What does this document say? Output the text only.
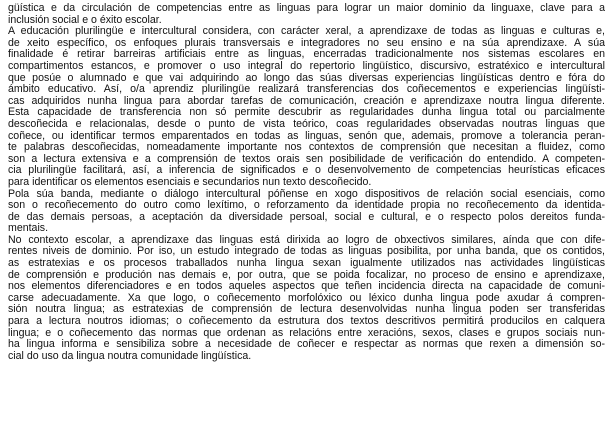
güística e da circulación de competencias entre as linguas para lograr un maior dominio da linguaxe, clave para a
inclusión social e o éxito escolar.
A educación plurilingüe e intercultural considera, con carácter xeral, a aprendizaxe de todas as linguas e culturas e,
de xeito específico, os enfoques plurais transversais e integradores no seu ensino e na súa aprendizaxe. A súa
finalidade é retirar barreiras artificiais entre as linguas, encerradas tradicionalmente nos sistemas escolares en
compartimentos estancos, e promover o uso integral do repertorio lingüístico, discursivo, estratéxico e intercultural
que posúe o alumnado e que vai adquirindo ao longo das súas diversas experiencias lingüísticas dentro e fóra do
ámbito educativo. Así, o/a aprendiz plurilingüe realizará transferencias dos coñecementos e experiencias lingüísti-
cas adquiridos nunha lingua para abordar tarefas de comunicación, creación e aprendizaxe noutra lingua diferente.
Esta capacidade de transferencia non só permite descubrir as regularidades dunha lingua total ou parcialmente
descoñecida e relacionalas, desde o punto de vista teórico, coas regularidades observadas noutras linguas que
coñece, ou identificar termos emparentados en todas as linguas, senón que, ademais, promove a tolerancia peran-
te palabras descoñecidas, nomeadamente importante nos contextos de comprensión que necesitan a fluidez, como
son a lectura extensiva e a comprensión de textos orais sen posibilidade de verificación do entendido. A competen-
cia plurilingüe facilitará, así, a inferencia de significados e o desenvolvemento de competencias heurísticas eficaces
para identificar os elementos esenciais e secundarios nun texto descoñecido.
Pola súa banda, mediante o diálogo intercultural póñense en xogo dispositivos de relación social esenciais, como
son o recoñecemento do outro como lexítimo, o reforzamento da identidade propia no recoñecemento da identida-
de das demais persoas, a aceptación da diversidade persoal, social e cultural, e o respecto polos dereitos funda-
mentais.
No contexto escolar, a aprendizaxe das linguas está dirixida ao logro de obxectivos similares, aínda que con dife-
rentes niveis de dominio. Por iso, un estudo integrado de todas as linguas posibilita, por unha banda, que os contidos,
as estratexias e os procesos traballados nunha lingua sexan igualmente utilizados nas actividades lingüísticas
de comprensión e produción nas demais e, por outra, que se poida focalizar, no proceso de ensino e aprendizaxe,
nos elementos diferenciadores e en todos aqueles aspectos que teñen incidencia directa na capacidade de comuni-
carse adecuadamente. Xa que logo, o coñecemento morfolóxico ou léxico dunha lingua pode axudar á compren-
sión noutra lingua; as estratexias de comprensión de lectura desenvolvidas nunha lingua poden ser transferidas
para a lectura noutros idiomas; o coñecemento da estrutura dos textos descritivos permitirá producilos en calquera
lingua; e o coñecemento das normas que ordenan as relacións entre xeracións, sexos, clases e grupos sociais nun-
ha lingua informa e sensibiliza sobre a necesidade de coñecer e respectar as normas que rexen a dimensión so-
cial do uso da lingua noutra comunidade lingüística.
